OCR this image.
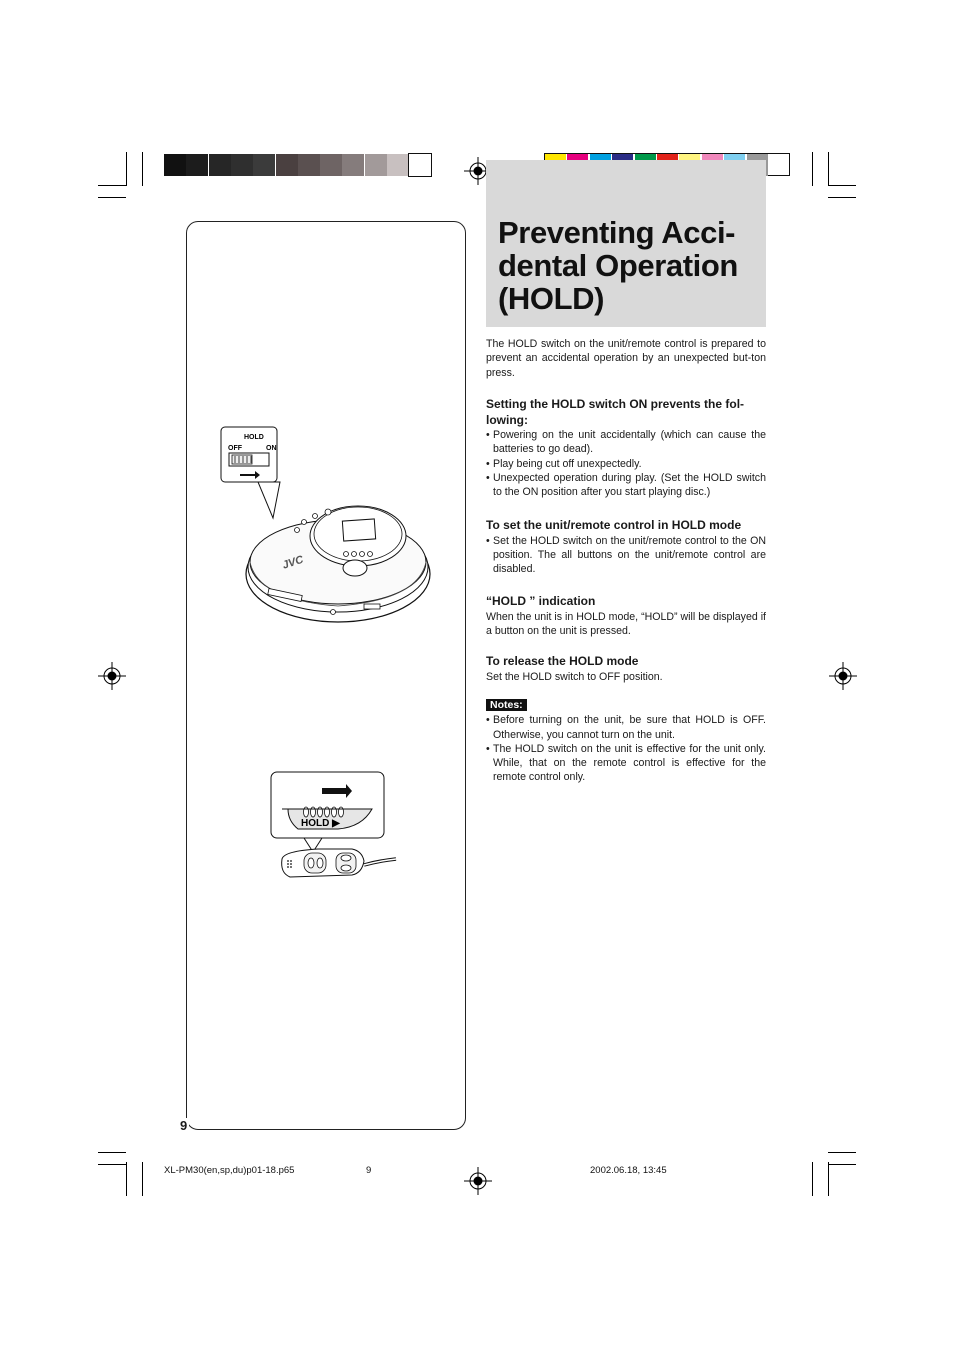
Preventing Acci-
dental Operation
(HOLD)

The HOLD switch on the unit/remote control is prepared to prevent an accidental operation by an unexpected but-ton press.

Setting the HOLD switch ON prevents the fol-lowing:
• Powering on the unit accidentally (which can cause the batteries to go dead).
• Play being cut off unexpectedly.
• Unexpected operation during play. (Set the HOLD switch to the ON position after you start playing disc.)
To set the unit/remote control in HOLD mode
• Set the HOLD switch on the unit/remote control to the ON position. The all buttons on the unit/remote control are disabled.
“HOLD ” indication

When the unit is in HOLD mode, “HOLD” will be displayed if a button on the unit is pressed.

To release the HOLD mode

Set the HOLD switch to OFF position.

Notes:
• Before turning on the unit, be sure that HOLD is OFF. Otherwise, you cannot turn on the unit.
• The HOLD switch on the unit is effective for the unit only. While, that on the remote control is effective for the remote control only.
9
HOLD
OFF	ON
JVC
HOLD ▶
XL-PM30(en,sp,du)p01-18.p65	9	2002.06.18, 13:45
